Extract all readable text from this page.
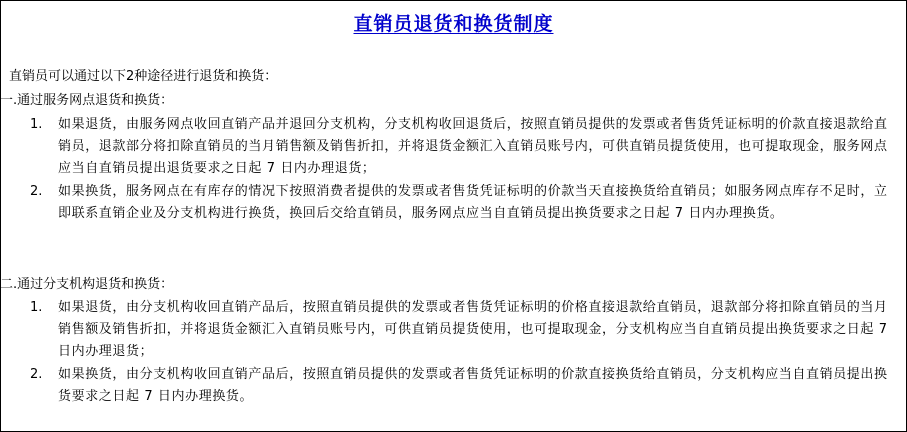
直销员退货和换货制度
直销员可以通过以下2种途径进行退货和换货：
一.通过服务网点退货和换货：
1.	如果退货，由服务网点收回直销产品并退回分支机构，分支机构收回退货后，按照直销员提供的发票或者售货凭证标明的价款直接退款给直销员，退款部分将扣除直销员的当月销售额及销售折扣，并将退货金额汇入直销员账号内，可供直销员提货使用，也可提取现金，服务网点应当自直销员提出退货要求之日起 7 日内办理退货；
2.	如果换货，服务网点在有库存的情况下按照消费者提供的发票或者售货凭证标明的价款当天直接换货给直销员；如服务网点库存不足时，立即联系直销企业及分支机构进行换货，换回后交给直销员，服务网点应当自直销员提出换货要求之日起 7 日内办理换货。
二.通过分支机构退货和换货：
1.	如果退货，由分支机构收回直销产品后，按照直销员提供的发票或者售货凭证标明的价格直接退款给直销员，退款部分将扣除直销员的当月销售额及销售折扣，并将退货金额汇入直销员账号内，可供直销员提货使用，也可提取现金，分支机构应当自直销员提出换货要求之日起 7 日内办理退货；
2.	如果换货，由分支机构收回直销产品后，按照直销员提供的发票或者售货凭证标明的价款直接换货给直销员，分支机构应当自直销员提出换货要求之日起 7 日内办理换货。
